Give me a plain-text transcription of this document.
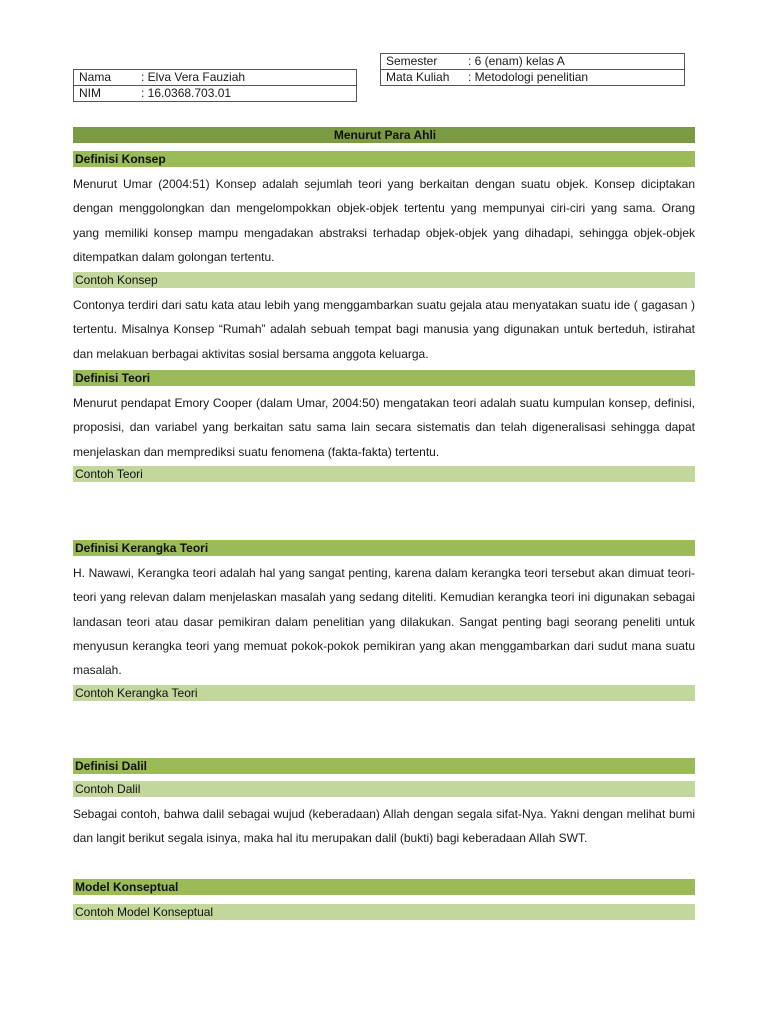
Nama	: Elva Vera Fauziah
NIM	: 16.0368.703.01
Semester	: 6 (enam) kelas A
Mata Kuliah	: Metodologi penelitian
Menurut Para Ahli
Definisi Konsep

Menurut Umar (2004:51) Konsep adalah sejumlah teori yang berkaitan dengan suatu objek. Konsep diciptakan dengan menggolongkan dan mengelompokkan objek-objek tertentu yang mempunyai ciri-ciri yang sama. Orang yang memiliki konsep mampu mengadakan abstraksi terhadap objek-objek yang dihadapi, sehingga objek-objek ditempatkan dalam golongan tertentu.

Contoh Konsep

Contonya terdiri dari satu kata atau lebih yang menggambarkan suatu gejala atau menyatakan suatu ide ( gagasan ) tertentu. Misalnya Konsep “Rumah” adalah sebuah tempat bagi manusia yang digunakan untuk berteduh, istirahat dan melakuan berbagai aktivitas sosial bersama anggota keluarga.

Definisi Teori

Menurut pendapat Emory Cooper (dalam Umar, 2004:50) mengatakan teori adalah suatu kumpulan konsep, definisi, proposisi, dan variabel yang berkaitan satu sama lain secara sistematis dan telah digeneralisasi sehingga dapat menjelaskan dan memprediksi suatu fenomena (fakta-fakta) tertentu.

Contoh Teori
Definisi Kerangka Teori

H. Nawawi, Kerangka teori adalah hal yang sangat penting, karena dalam kerangka teori tersebut akan dimuat teori-teori yang relevan dalam menjelaskan masalah yang sedang diteliti. Kemudian kerangka teori ini digunakan sebagai landasan teori atau dasar pemikiran dalam penelitian yang dilakukan. Sangat penting bagi seorang peneliti untuk menyusun kerangka teori yang memuat pokok-pokok pemikiran yang akan menggambarkan dari sudut mana suatu masalah.

Contoh Kerangka Teori
Definisi Dalil
Contoh Dalil

Sebagai contoh, bahwa dalil sebagai wujud (keberadaan) Allah dengan segala sifat-Nya. Yakni dengan melihat bumi dan langit berikut segala isinya, maka hal itu merupakan dalil (bukti) bagi keberadaan Allah SWT.

Model Konseptual
Contoh Model Konseptual
